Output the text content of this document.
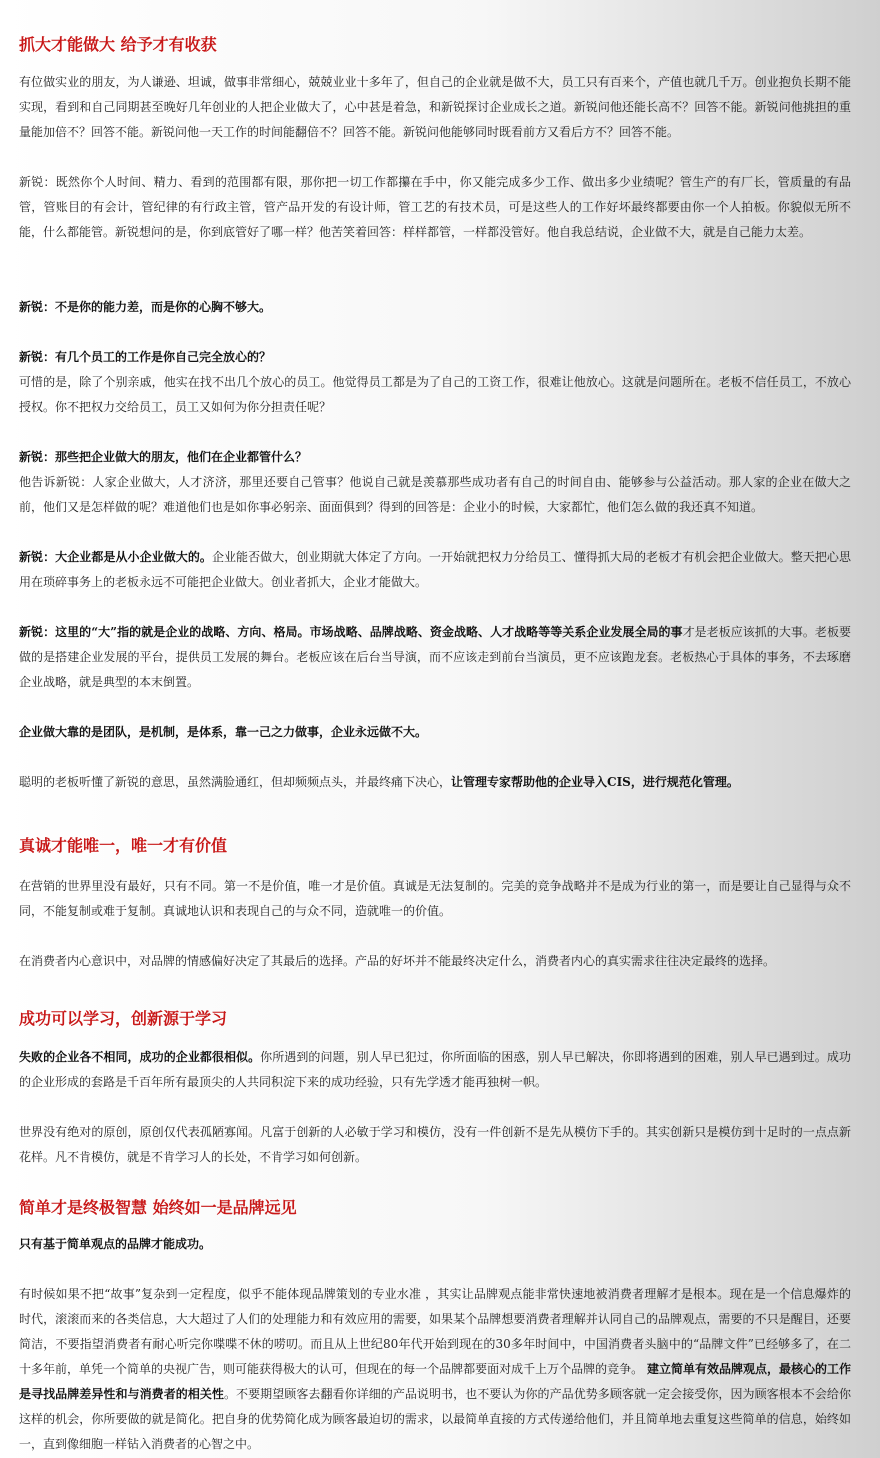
抓大才能做大 给予才有收获

有位做实业的朋友，为人谦逊、坦诚，做事非常细心，兢兢业业十多年了，但自己的企业就是做不大，员工只有百来个，产值也就几千万。创业抱负长期不能实现，看到和自己同期甚至晚好几年创业的人把企业做大了，心中甚是着急，和新锐探讨企业成长之道。新锐问他还能长高不？回答不能。新锐问他挑担的重量能加倍不？回答不能。新锐问他一天工作的时间能翻倍不？回答不能。新锐问他能够同时既看前方又看后方不？回答不能。

新锐：既然你个人时间、精力、看到的范围都有限，那你把一切工作都攥在手中，你又能完成多少工作、做出多少业绩呢？管生产的有厂长，管质量的有品管，管账目的有会计，管纪律的有行政主管，管产品开发的有设计师，管工艺的有技术员，可是这些人的工作好坏最终都要由你一个人拍板。你貌似无所不能，什么都能管。新锐想问的是，你到底管好了哪一样？他苦笑着回答：样样都管，一样都没管好。他自我总结说，企业做不大，就是自己能力太差。

新锐：不是你的能力差，而是你的心胸不够大。

新锐：有几个员工的工作是你自己完全放心的？
可惜的是，除了个别亲戚，他实在找不出几个放心的员工。他觉得员工都是为了自己的工资工作，很难让他放心。这就是问题所在。老板不信任员工，不放心授权。你不把权力交给员工，员工又如何为你分担责任呢？

新锐：那些把企业做大的朋友，他们在企业都管什么？
他告诉新锐：人家企业做大，人才济济，那里还要自己管事？他说自己就是羡慕那些成功者有自己的时间自由、能够参与公益活动。那人家的企业在做大之前，他们又是怎样做的呢？难道他们也是如你事必躬亲、面面俱到？得到的回答是：企业小的时候，大家都忙，他们怎么做的我还真不知道。

新锐：大企业都是从小企业做大的。企业能否做大，创业期就大体定了方向。一开始就把权力分给员工、懂得抓大局的老板才有机会把企业做大。整天把心思用在琐碎事务上的老板永远不可能把企业做大。创业者抓大，企业才能做大。

新锐：这里的“大”指的就是企业的战略、方向、格局。市场战略、品牌战略、资金战略、人才战略等等关系企业发展全局的事才是老板应该抓的大事。老板要做的是搭建企业发展的平台，提供员工发展的舞台。老板应该在后台当导演，而不应该走到前台当演员，更不应该跑龙套。老板热心于具体的事务，不去琢磨企业战略，就是典型的本末倒置。

企业做大靠的是团队，是机制，是体系，靠一己之力做事，企业永远做不大。

聪明的老板听懂了新锐的意思，虽然满脸通红，但却频频点头，并最终痛下决心，让管理专家帮助他的企业导入CIS，进行规范化管理。

真诚才能唯一，唯一才有价值

在营销的世界里没有最好，只有不同。第一不是价值，唯一才是价值。真诚是无法复制的。完美的竞争战略并不是成为行业的第一，而是要让自己显得与众不同，不能复制或难于复制。真诚地认识和表现自己的与众不同，造就唯一的价值。

在消费者内心意识中，对品牌的情感偏好决定了其最后的选择。产品的好坏并不能最终决定什么，消费者内心的真实需求往往决定最终的选择。

成功可以学习，创新源于学习

失败的企业各不相同，成功的企业都很相似。你所遇到的问题，别人早已犯过，你所面临的困惑，别人早已解决，你即将遇到的困难，别人早已遇到过。成功的企业形成的套路是千百年所有最顶尖的人共同积淀下来的成功经验，只有先学透才能再独树一帜。

世界没有绝对的原创，原创仅代表孤陋寡闻。凡富于创新的人必敏于学习和模仿，没有一件创新不是先从模仿下手的。其实创新只是模仿到十足时的一点点新花样。凡不肯模仿，就是不肯学习人的长处，不肯学习如何创新。

简单才是终极智慧 始终如一是品牌远见

只有基于简单观点的品牌才能成功。

有时候如果不把“故事”复杂到一定程度，似乎不能体现品牌策划的专业水准 ，其实让品牌观点能非常快速地被消费者理解才是根本。现在是一个信息爆炸的时代，滚滚而来的各类信息，大大超过了人们的处理能力和有效应用的需要，如果某个品牌想要消费者理解并认同自己的品牌观点，需要的不只是醒目，还要简洁，不要指望消费者有耐心听完你喋喋不休的唠叨。而且从上世纪80年代开始到现在的30多年时间中，中国消费者头脑中的“品牌文件”已经够多了，在二十多年前，单凭一个简单的央视广告，则可能获得极大的认可，但现在的每一个品牌都要面对成千上万个品牌的竞争。 建立简单有效品牌观点，最核心的工作是寻找品牌差异性和与消费者的相关性。不要期望顾客去翻看你详细的产品说明书，也不要认为你的产品优势多顾客就一定会接受你，因为顾客根本不会给你这样的机会，你所要做的就是简化。把自身的优势简化成为顾客最迫切的需求，以最简单直接的方式传递给他们，并且简单地去重复这些简单的信息，始终如一，直到像细胞一样钻入消费者的心智之中。
